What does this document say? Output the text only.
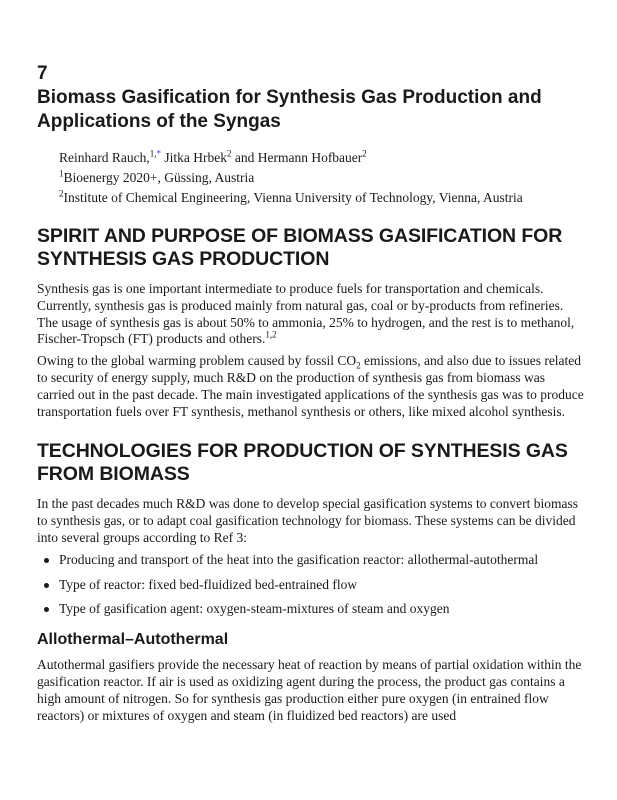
7
Biomass Gasification for Synthesis Gas Production and Applications of the Syngas
Reinhard Rauch,$^{1,*}$ Jitka Hrbek$^2$ and Hermann Hofbauer$^2$
$^1$Bioenergy 2020+, Güssing, Austria
$^2$Institute of Chemical Engineering, Vienna University of Technology, Vienna, Austria
SPIRIT AND PURPOSE OF BIOMASS GASIFICATION FOR SYNTHESIS GAS PRODUCTION

Synthesis gas is one important intermediate to produce fuels for transportation and chemicals. Currently, synthesis gas is produced mainly from natural gas, coal or by-products from refineries. The usage of synthesis gas is about 50% to ammonia, 25% to hydrogen, and the rest is to methanol, Fischer-Tropsch (FT) products and others.$^{1,2}$

Owing to the global warming problem caused by fossil $CO_2$ emissions, and also due to issues related to security of energy supply, much R&D on the production of synthesis gas from biomass was carried out in the past decade. The main investigated applications of the synthesis gas was to produce transportation fuels over FT synthesis, methanol synthesis or others, like mixed alcohol synthesis.

TECHNOLOGIES FOR PRODUCTION OF SYNTHESIS GAS FROM BIOMASS

In the past decades much R&D was done to develop special gasification systems to convert biomass to synthesis gas, or to adapt coal gasification technology for biomass. These systems can be divided into several groups according to Ref 3:

Producing and transport of the heat into the gasification reactor: allothermal-autothermal
Type of reactor: fixed bed-fluidized bed-entrained flow
Type of gasification agent: oxygen-steam-mixtures of steam and oxygen
Allothermal–Autothermal

Autothermal gasifiers provide the necessary heat of reaction by means of partial oxidation within the gasification reactor. If air is used as oxidizing agent during the process, the product gas contains a high amount of nitrogen. So for synthesis gas production either pure oxygen (in entrained flow reactors) or mixtures of oxygen and steam (in fluidized bed reactors) are used
